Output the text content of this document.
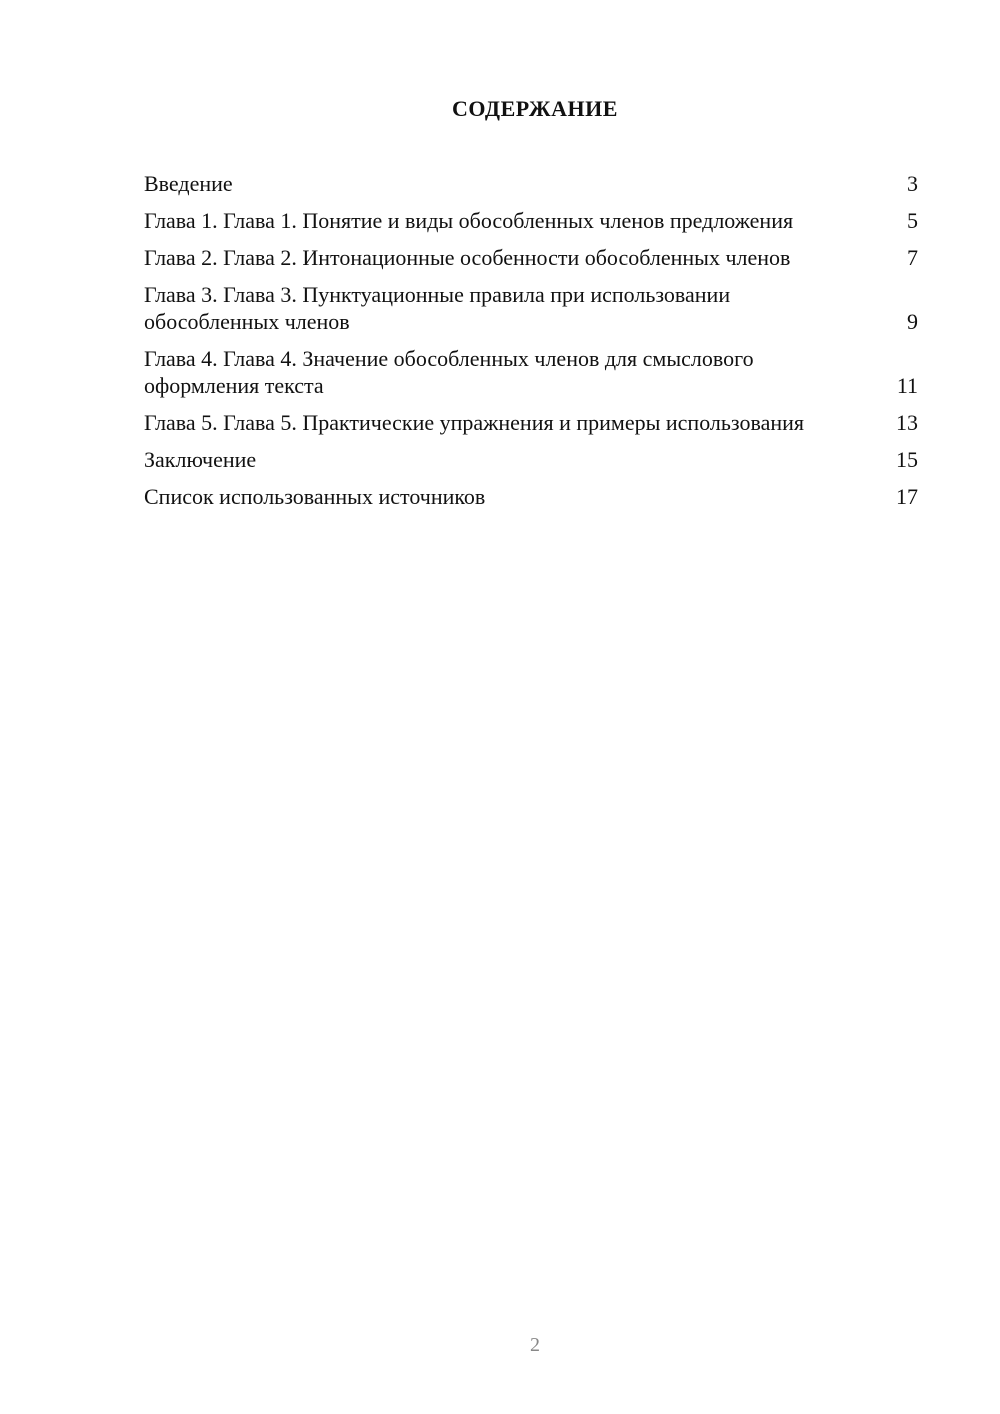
СОДЕРЖАНИЕ
Введение	3
Глава 1. Глава 1. Понятие и виды обособленных членов предложения	5
Глава 2. Глава 2. Интонационные особенности обособленных членов	7
Глава 3. Глава 3. Пунктуационные правила при использовании обособленных членов	9
Глава 4. Глава 4. Значение обособленных членов для смыслового оформления текста	11
Глава 5. Глава 5. Практические упражнения и примеры использования	13
Заключение	15
Список использованных источников	17
2
